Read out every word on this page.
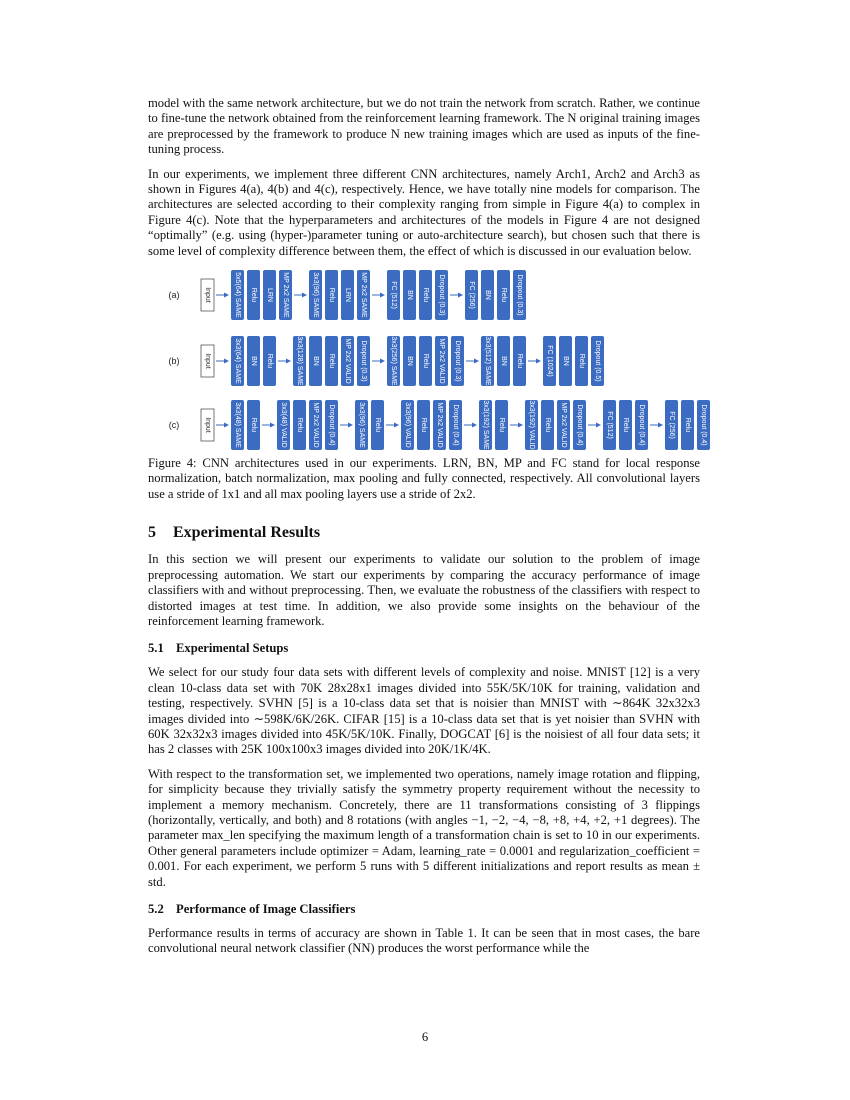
model with the same network architecture, but we do not train the network from scratch. Rather, we continue to fine-tune the network obtained from the reinforcement learning framework. The N original training images are preprocessed by the framework to produce N new training images which are used as inputs of the fine-tuning process.

In our experiments, we implement three different CNN architectures, namely Arch1, Arch2 and Arch3 as shown in Figures 4(a), 4(b) and 4(c), respectively. Hence, we have totally nine models for comparison. The architectures are selected according to their complexity ranging from simple in Figure 4(a) to complex in Figure 4(c). Note that the hyperparameters and architectures of the models in Figure 4 are not designed “optimally” (e.g. using (hyper-)parameter tuning or auto-architecture search), but chosen such that there is some level of complexity difference between them, the effect of which is discussed in our evaluation below.

(a)	Input	5x5(64) SAME Relu LRN MP 2x2 SAME	3x3(96) SAME Relu LRN MP 2x2 SAME	FC (512) BN Relu Dropout (0.3)	FC (256) BN Relu Dropout (0.3)
(b)	Input	3x3(64) SAME BN Relu	3x3(128) SAME BN Relu MP 2x2 VALID Dropout (0.3)	3x3(256) SAME BN Relu MP 2x2 VALID Dropout (0.3)	3x3(512) SAME BN Relu	FC (1024) BN Relu Dropout (0.5)
(c)	Input	3x3(48) SAME Relu	3x3(48) VALID Relu MP 2x2 VALID Dropout (0.4)	3x3(96) SAME Relu	3x3(96) VALID Relu MP 2x2 VALID Dropout (0.4)	3x3(192) SAME Relu	3x3(192) VALID Relu MP 2x2 VALID Dropout (0.4)	FC (512) Relu Dropout (0.4)	FC (256) Relu Dropout (0.4)

Figure 4: CNN architectures used in our experiments. LRN, BN, MP and FC stand for local response normalization, batch normalization, max pooling and fully connected, respectively. All convolutional layers use a stride of 1x1 and all max pooling layers use a stride of 2x2.

5 Experimental Results

In this section we will present our experiments to validate our solution to the problem of image preprocessing automation. We start our experiments by comparing the accuracy performance of image classifiers with and without preprocessing. Then, we evaluate the robustness of the classifiers with respect to distorted images at test time. In addition, we also provide some insights on the behaviour of the reinforcement learning framework.

5.1 Experimental Setups

We select for our study four data sets with different levels of complexity and noise. MNIST [12] is a very clean 10-class data set with 70K 28x28x1 images divided into 55K/5K/10K for training, validation and testing, respectively. SVHN [5] is a 10-class data set that is noisier than MNIST with ∼864K 32x32x3 images divided into ∼598K/6K/26K. CIFAR [15] is a 10-class data set that is yet noisier than SVHN with 60K 32x32x3 images divided into 45K/5K/10K. Finally, DOGCAT [6] is the noisiest of all four data sets; it has 2 classes with 25K 100x100x3 images divided into 20K/1K/4K.

With respect to the transformation set, we implemented two operations, namely image rotation and flipping, for simplicity because they trivially satisfy the symmetry property requirement without the necessity to implement a memory mechanism. Concretely, there are 11 transformations consisting of 3 flippings (horizontally, vertically, and both) and 8 rotations (with angles −1, −2, −4, −8, +8, +4, +2, +1 degrees). The parameter max_len specifying the maximum length of a transformation chain is set to 10 in our experiments. Other general parameters include optimizer = Adam, learning_rate = 0.0001 and regularization_coefficient = 0.001. For each experiment, we perform 5 runs with 5 different initializations and report results as mean ± std.

5.2 Performance of Image Classifiers

Performance results in terms of accuracy are shown in Table 1. It can be seen that in most cases, the bare convolutional neural network classifier (NN) produces the worst performance while the

6
